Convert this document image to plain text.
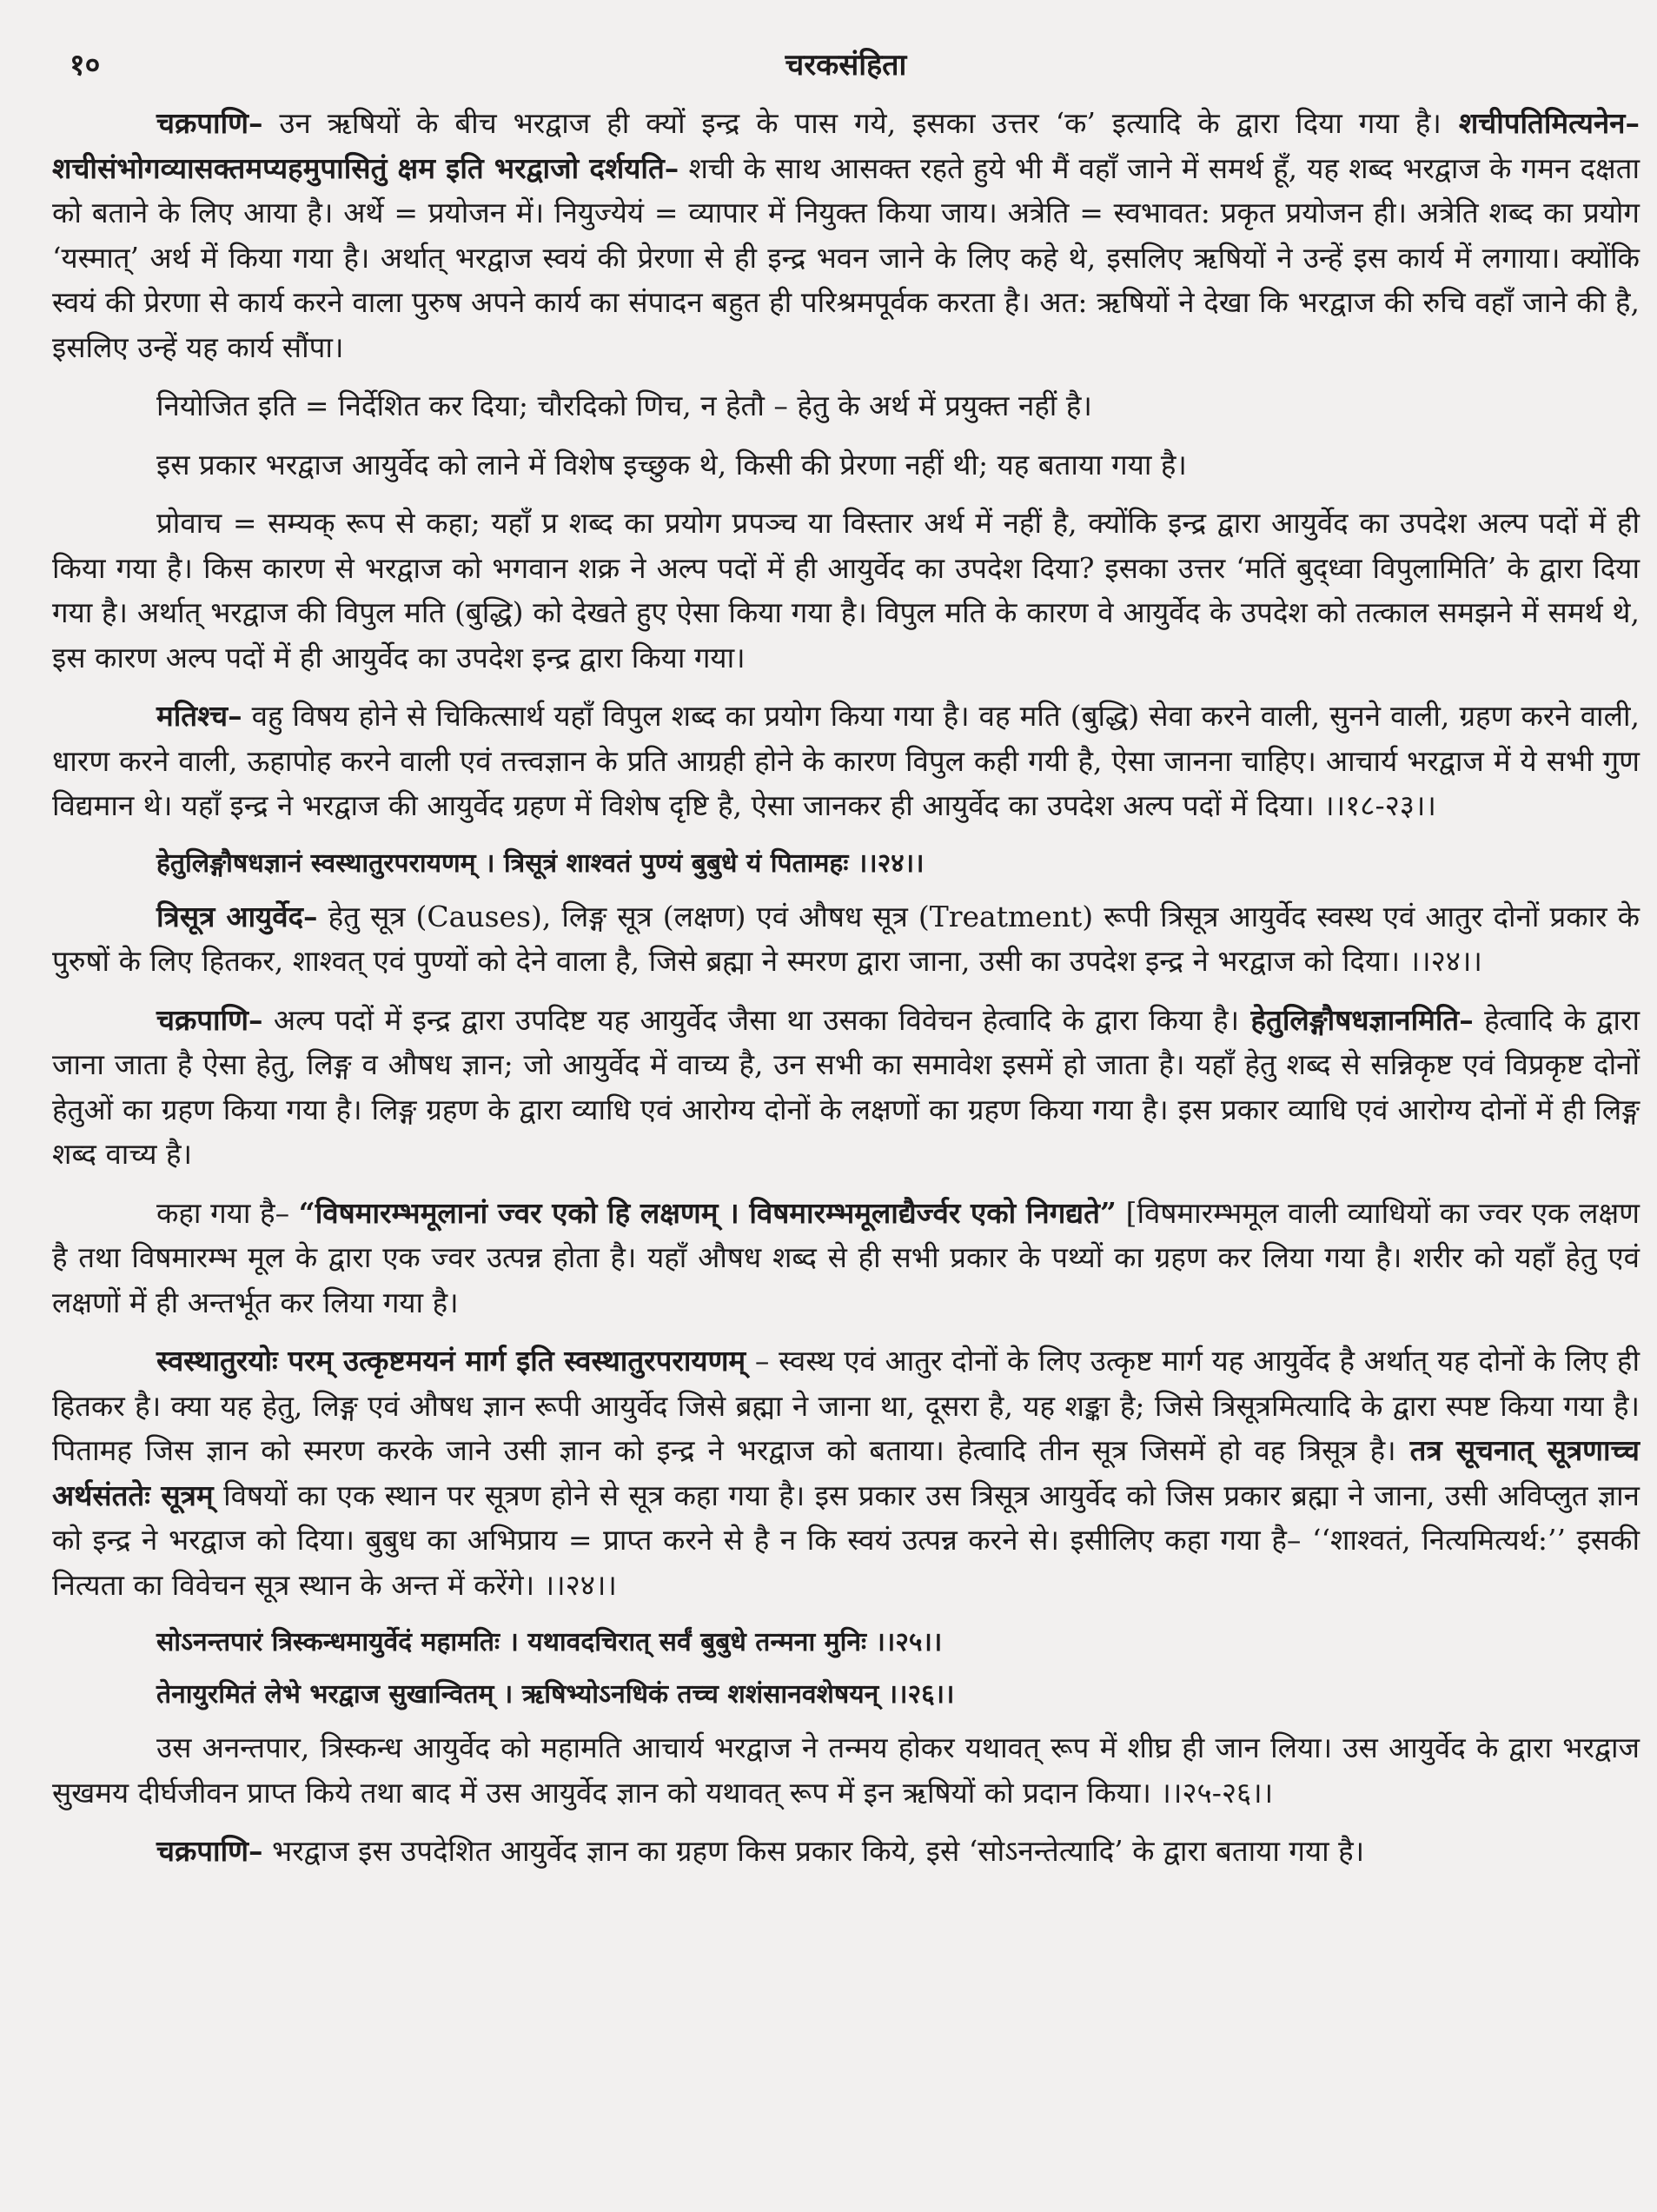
१०	चरकसंहिता

चक्रपाणि– उन ऋषियों के बीच भरद्वाज ही क्यों इन्द्र के पास गये, इसका उत्तर ‘क’ इत्यादि के द्वारा दिया गया है। शचीपतिमित्यनेन– शचीसंभोगव्यासक्तमप्यहमुपासितुं क्षम इति भरद्वाजो दर्शयति– शची के साथ आसक्त रहते हुये भी मैं वहाँ जाने में समर्थ हूँ, यह शब्द भरद्वाज के गमन दक्षता को बताने के लिए आया है। अर्थे = प्रयोजन में। नियुज्येयं = व्यापार में नियुक्त किया जाय। अत्रेति = स्वभावत: प्रकृत प्रयोजन ही। अत्रेति शब्द का प्रयोग ‘यस्मात्’ अर्थ में किया गया है। अर्थात् भरद्वाज स्वयं की प्रेरणा से ही इन्द्र भवन जाने के लिए कहे थे, इसलिए ऋषियों ने उन्हें इस कार्य में लगाया। क्योंकि स्वयं की प्रेरणा से कार्य करने वाला पुरुष अपने कार्य का संपादन बहुत ही परिश्रमपूर्वक करता है। अत: ऋषियों ने देखा कि भरद्वाज की रुचि वहाँ जाने की है, इसलिए उन्हें यह कार्य सौंपा।

नियोजित इति = निर्देशित कर दिया; चौरदिको णिच, न हेतौ – हेतु के अर्थ में प्रयुक्त नहीं है।

इस प्रकार भरद्वाज आयुर्वेद को लाने में विशेष इच्छुक थे, किसी की प्रेरणा नहीं थी; यह बताया गया है।

प्रोवाच = सम्यक् रूप से कहा; यहाँ प्र शब्द का प्रयोग प्रपञ्च या विस्तार अर्थ में नहीं है, क्योंकि इन्द्र द्वारा आयुर्वेद का उपदेश अल्प पदों में ही किया गया है। किस कारण से भरद्वाज को भगवान शक्र ने अल्प पदों में ही आयुर्वेद का उपदेश दिया? इसका उत्तर ‘मतिं बुद्ध्वा विपुलामिति’ के द्वारा दिया गया है। अर्थात् भरद्वाज की विपुल मति (बुद्धि) को देखते हुए ऐसा किया गया है। विपुल मति के कारण वे आयुर्वेद के उपदेश को तत्काल समझने में समर्थ थे, इस कारण अल्प पदों में ही आयुर्वेद का उपदेश इन्द्र द्वारा किया गया।

मतिश्च– वहु विषय होने से चिकित्सार्थ यहाँ विपुल शब्द का प्रयोग किया गया है। वह मति (बुद्धि) सेवा करने वाली, सुनने वाली, ग्रहण करने वाली, धारण करने वाली, ऊहापोह करने वाली एवं तत्त्वज्ञान के प्रति आग्रही होने के कारण विपुल कही गयी है, ऐसा जानना चाहिए। आचार्य भरद्वाज में ये सभी गुण विद्यमान थे। यहाँ इन्द्र ने भरद्वाज की आयुर्वेद ग्रहण में विशेष दृष्टि है, ऐसा जानकर ही आयुर्वेद का उपदेश अल्प पदों में दिया। ।।१८-२३।।

हेतुलिङ्गौषधज्ञानं स्वस्थातुरपरायणम् । त्रिसूत्रं शाश्वतं पुण्यं बुबुधे यं पितामहः ।।२४।।

त्रिसूत्र आयुर्वेद– हेतु सूत्र (Causes), लिङ्ग सूत्र (लक्षण) एवं औषध सूत्र (Treatment) रूपी त्रिसूत्र आयुर्वेद स्वस्थ एवं आतुर दोनों प्रकार के पुरुषों के लिए हितकर, शाश्वत् एवं पुण्यों को देने वाला है, जिसे ब्रह्मा ने स्मरण द्वारा जाना, उसी का उपदेश इन्द्र ने भरद्वाज को दिया। ।।२४।।

चक्रपाणि– अल्प पदों में इन्द्र द्वारा उपदिष्ट यह आयुर्वेद जैसा था उसका विवेचन हेत्वादि के द्वारा किया है। हेतुलिङ्गौषधज्ञानमिति– हेत्वादि के द्वारा जाना जाता है ऐसा हेतु, लिङ्ग व औषध ज्ञान; जो आयुर्वेद में वाच्य है, उन सभी का समावेश इसमें हो जाता है। यहाँ हेतु शब्द से सन्निकृष्ट एवं विप्रकृष्ट दोनों हेतुओं का ग्रहण किया गया है। लिङ्ग ग्रहण के द्वारा व्याधि एवं आरोग्य दोनों के लक्षणों का ग्रहण किया गया है। इस प्रकार व्याधि एवं आरोग्य दोनों में ही लिङ्ग शब्द वाच्य है।

कहा गया है– “विषमारम्भमूलानां ज्वर एको हि लक्षणम् । विषमारम्भमूलाद्यैर्ज्वर एको निगद्यते” [विषमारम्भमूल वाली व्याधियों का ज्वर एक लक्षण है तथा विषमारम्भ मूल के द्वारा एक ज्वर उत्पन्न होता है। यहाँ औषध शब्द से ही सभी प्रकार के पथ्यों का ग्रहण कर लिया गया है। शरीर को यहाँ हेतु एवं लक्षणों में ही अन्तर्भूत कर लिया गया है।

स्वस्थातुरयोः परम् उत्कृष्टमयनं मार्ग इति स्वस्थातुरपरायणम् – स्वस्थ एवं आतुर दोनों के लिए उत्कृष्ट मार्ग यह आयुर्वेद है अर्थात् यह दोनों के लिए ही हितकर है। क्या यह हेतु, लिङ्ग एवं औषध ज्ञान रूपी आयुर्वेद जिसे ब्रह्मा ने जाना था, दूसरा है, यह शङ्का है; जिसे त्रिसूत्रमित्यादि के द्वारा स्पष्ट किया गया है। पितामह जिस ज्ञान को स्मरण करके जाने उसी ज्ञान को इन्द्र ने भरद्वाज को बताया। हेत्वादि तीन सूत्र जिसमें हो वह त्रिसूत्र है। तत्र सूचनात् सूत्रणाच्च अर्थसंततेः सूत्रम् विषयों का एक स्थान पर सूत्रण होने से सूत्र कहा गया है। इस प्रकार उस त्रिसूत्र आयुर्वेद को जिस प्रकार ब्रह्मा ने जाना, उसी अविप्लुत ज्ञान को इन्द्र ने भरद्वाज को दिया। बुबुध का अभिप्राय = प्राप्त करने से है न कि स्वयं उत्पन्न करने से। इसीलिए कहा गया है– ‘‘शाश्वतं, नित्यमित्यर्थ:’’ इसकी नित्यता का विवेचन सूत्र स्थान के अन्त में करेंगे। ।।२४।।

सोऽनन्तपारं त्रिस्कन्धमायुर्वेदं महामतिः । यथावदचिरात् सर्वं बुबुधे तन्मना मुनिः ।।२५।।

तेनायुरमितं लेभे भरद्वाज सुखान्वितम् । ऋषिभ्योऽनधिकं तच्च शशंसानवशेषयन् ।।२६।।

उस अनन्तपार, त्रिस्कन्ध आयुर्वेद को महामति आचार्य भरद्वाज ने तन्मय होकर यथावत् रूप में शीघ्र ही जान लिया। उस आयुर्वेद के द्वारा भरद्वाज सुखमय दीर्घजीवन प्राप्त किये तथा बाद में उस आयुर्वेद ज्ञान को यथावत् रूप में इन ऋषियों को प्रदान किया। ।।२५-२६।।

चक्रपाणि– भरद्वाज इस उपदेशित आयुर्वेद ज्ञान का ग्रहण किस प्रकार किये, इसे ‘सोऽनन्तेत्यादि’ के द्वारा बताया गया है।
